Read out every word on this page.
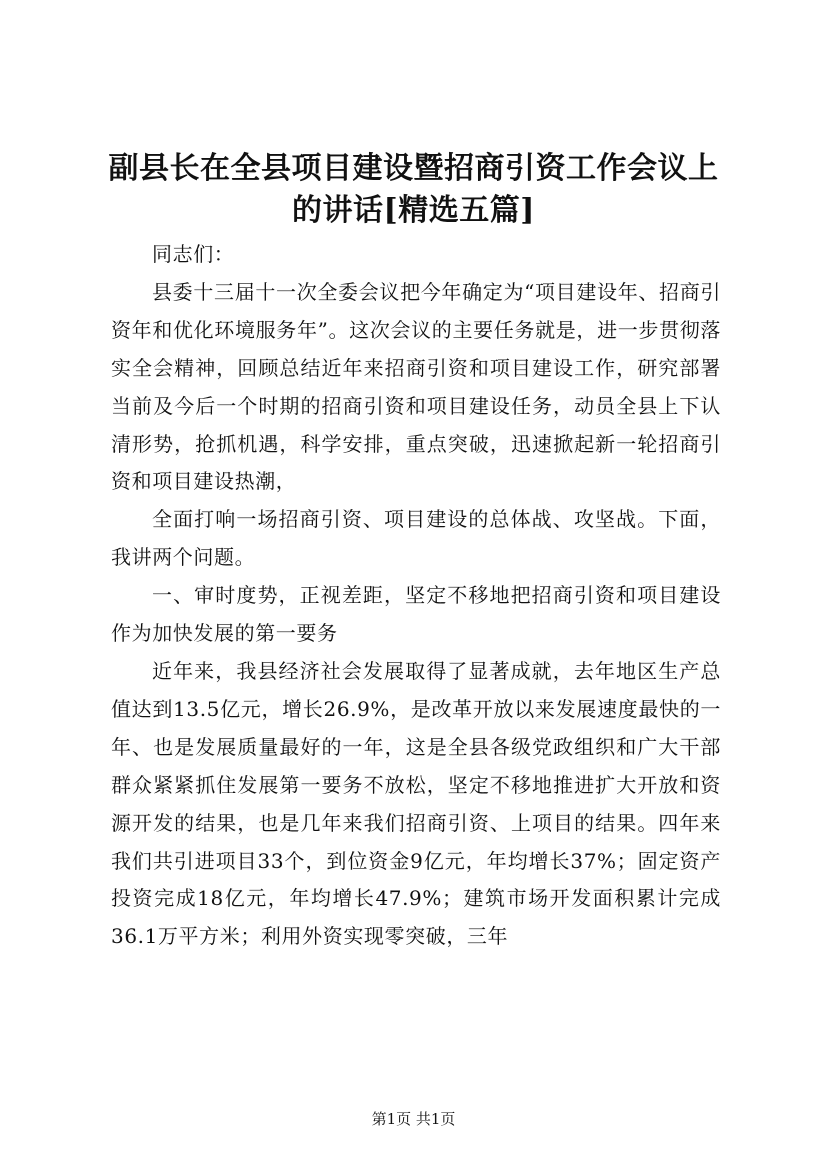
副县长在全县项目建设暨招商引资工作会议上的讲话[精选五篇]

同志们：

县委十三届十一次全委会议把今年确定为“项目建设年、招商引资年和优化环境服务年”。这次会议的主要任务就是，进一步贯彻落实全会精神，回顾总结近年来招商引资和项目建设工作，研究部署当前及今后一个时期的招商引资和项目建设任务，动员全县上下认清形势，抢抓机遇，科学安排，重点突破，迅速掀起新一轮招商引资和项目建设热潮，

全面打响一场招商引资、项目建设的总体战、攻坚战。下面，我讲两个问题。

一、审时度势，正视差距，坚定不移地把招商引资和项目建设作为加快发展的第一要务

近年来，我县经济社会发展取得了显著成就，去年地区生产总值达到13.5亿元，增长26.9%，是改革开放以来发展速度最快的一年、也是发展质量最好的一年，这是全县各级党政组织和广大干部群众紧紧抓住发展第一要务不放松，坚定不移地推进扩大开放和资源开发的结果，也是几年来我们招商引资、上项目的结果。四年来我们共引进项目33个，到位资金9亿元，年均增长37%；固定资产投资完成18亿元，年均增长47.9%；建筑市场开发面积累计完成36.1万平方米；利用外资实现零突破，三年

第1页 共1页
